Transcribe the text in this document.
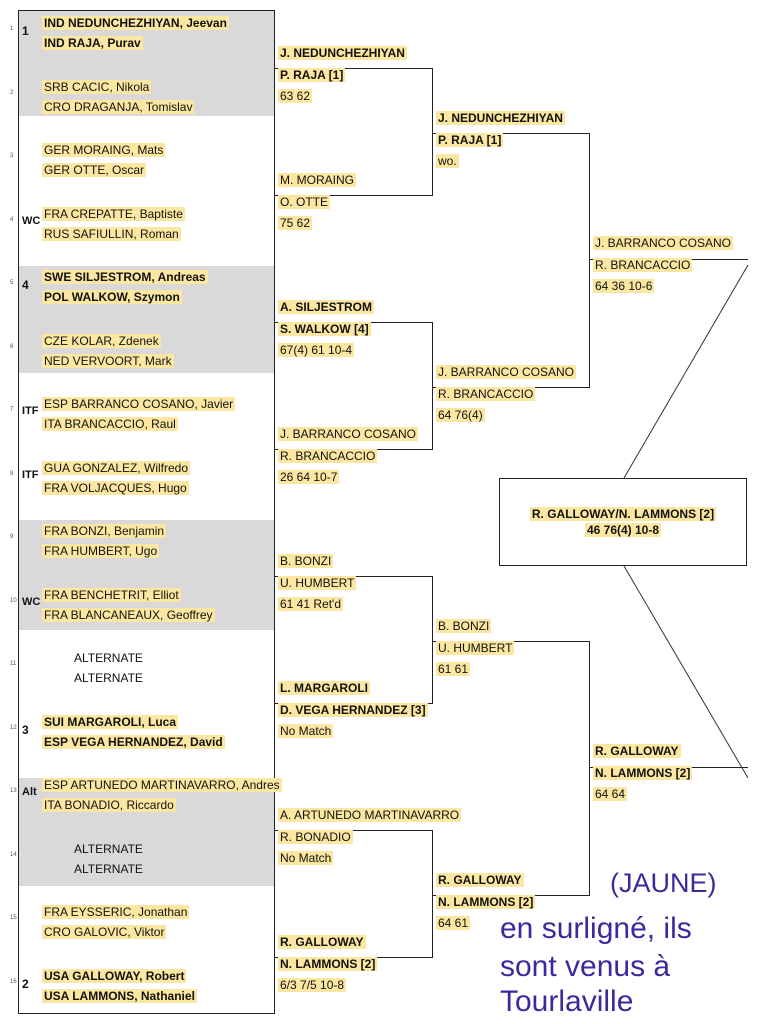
1 1
IND NEDUNCHEZHIYAN, Jeevan
IND RAJA, Purav
2	SRB CACIC, Nikola
CRO DRAGANJA, Tomislav
3	GER MORAING, Mats
GER OTTE, Oscar
4 WC FRA CREPATTE, Baptiste
RUS SAFIULLIN, Roman
5 4
SWE SILJESTROM, Andreas
POL WALKOW, Szymon
6	CZE KOLAR, Zdenek
NED VERVOORT, Mark
7 ITF ESP BARRANCO COSANO, Javier
ITA BRANCACCIO, Raul
8 ITF GUA GONZALEZ, Wilfredo
FRA VOLJACQUES, Hugo
9	FRA BONZI, Benjamin
FRA HUMBERT, Ugo
10 WC FRA BENCHETRIT, Elliot
FRA BLANCANEAUX, Geoffrey
11	ALTERNATE
ALTERNATE
12 3
SUI MARGAROLI, Luca
ESP VEGA HERNANDEZ, David
13 Alt ESP ARTUNEDO MARTINAVARRO, Andres
ITA BONADIO, Riccardo
14	ALTERNATE
ALTERNATE
15 FRA EYSSERIC, Jonathan
CRO GALOVIC, Viktor
16 2
USA GALLOWAY, Robert
USA LAMMONS, Nathaniel
J. NEDUNCHEZHIYAN
P. RAJA [1]
63 62
M. MORAING
O. OTTE
75 62
A. SILJESTROM
S. WALKOW [4]
67(4) 61 10-4
J. BARRANCO COSANO
R. BRANCACCIO
26 64 10-7
B. BONZI
U. HUMBERT
61 41 Ret'd
L. MARGAROLI
D. VEGA HERNANDEZ [3]
No Match
A. ARTUNEDO MARTINAVARRO
R. BONADIO
No Match
R. GALLOWAY
N. LAMMONS [2]
6/3 7/5 10-8
J. NEDUNCHEZHIYAN
P. RAJA [1]
wo.
J. BARRANCO COSANO
R. BRANCACCIO
64 76(4)
B. BONZI
U. HUMBERT
61 61
R. GALLOWAY
N. LAMMONS [2]
64 61
J. BARRANCO COSANO
R. BRANCACCIO
64 36 10-6
R. GALLOWAY
N. LAMMONS [2]
64 64
R. GALLOWAY/N. LAMMONS [2]
46 76(4) 10-8
(JAUNE)
en surligné, ils
sont venus à
Tourlaville
